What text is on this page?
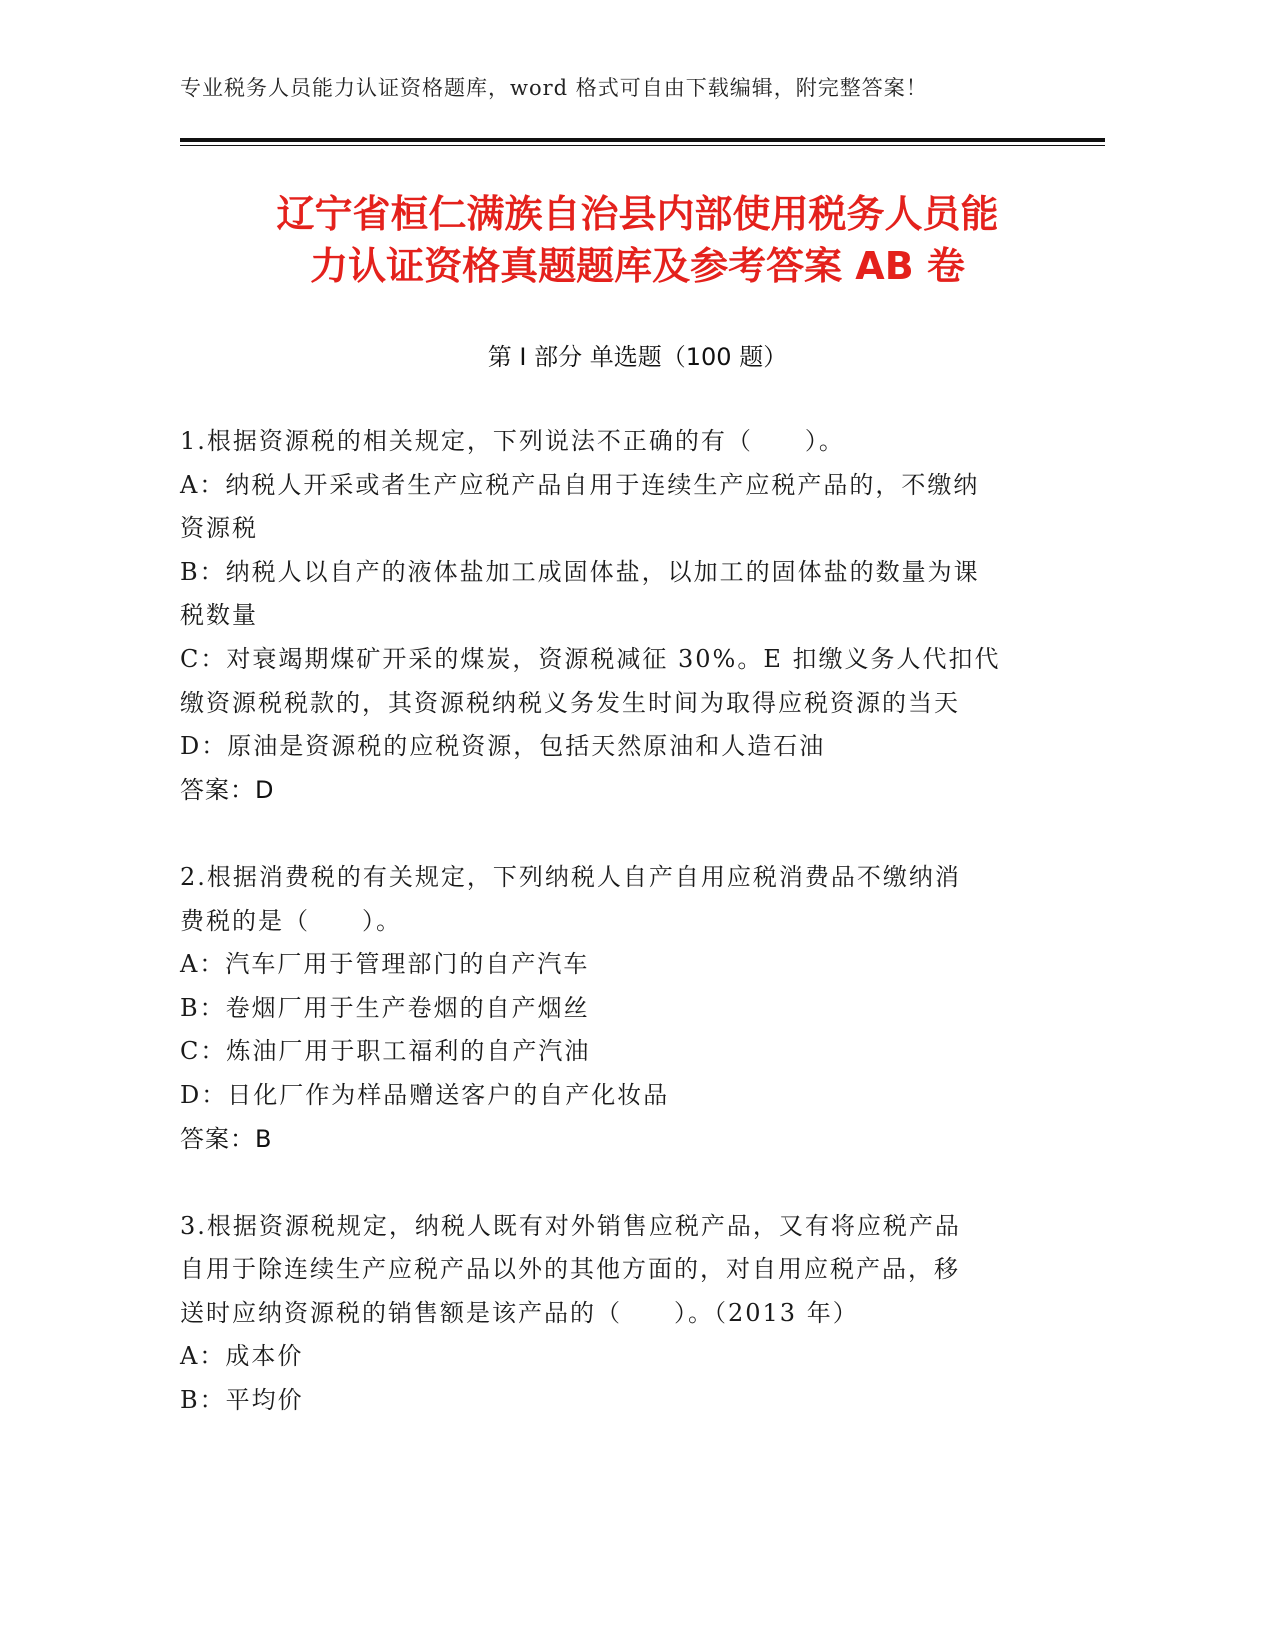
专业税务人员能力认证资格题库，word 格式可自由下载编辑，附完整答案！
辽宁省桓仁满族自治县内部使用税务人员能
力认证资格真题题库及参考答案 AB 卷
第 I 部分 单选题（100 题）

1.根据资源税的相关规定，下列说法不正确的有（　　）。

A：纳税人开采或者生产应税产品自用于连续生产应税产品的，不缴纳

资源税

B：纳税人以自产的液体盐加工成固体盐，以加工的固体盐的数量为课

税数量

C：对衰竭期煤矿开采的煤炭，资源税减征 30%。E 扣缴义务人代扣代

缴资源税税款的，其资源税纳税义务发生时间为取得应税资源的当天

D：原油是资源税的应税资源，包括天然原油和人造石油

答案：D

2.根据消费税的有关规定，下列纳税人自产自用应税消费品不缴纳消

费税的是（　　）。

A：汽车厂用于管理部门的自产汽车

B：卷烟厂用于生产卷烟的自产烟丝

C：炼油厂用于职工福利的自产汽油

D：日化厂作为样品赠送客户的自产化妆品

答案：B

3.根据资源税规定，纳税人既有对外销售应税产品，又有将应税产品

自用于除连续生产应税产品以外的其他方面的，对自用应税产品，移

送时应纳资源税的销售额是该产品的（　　）。（2013 年）

A：成本价

B：平均价
